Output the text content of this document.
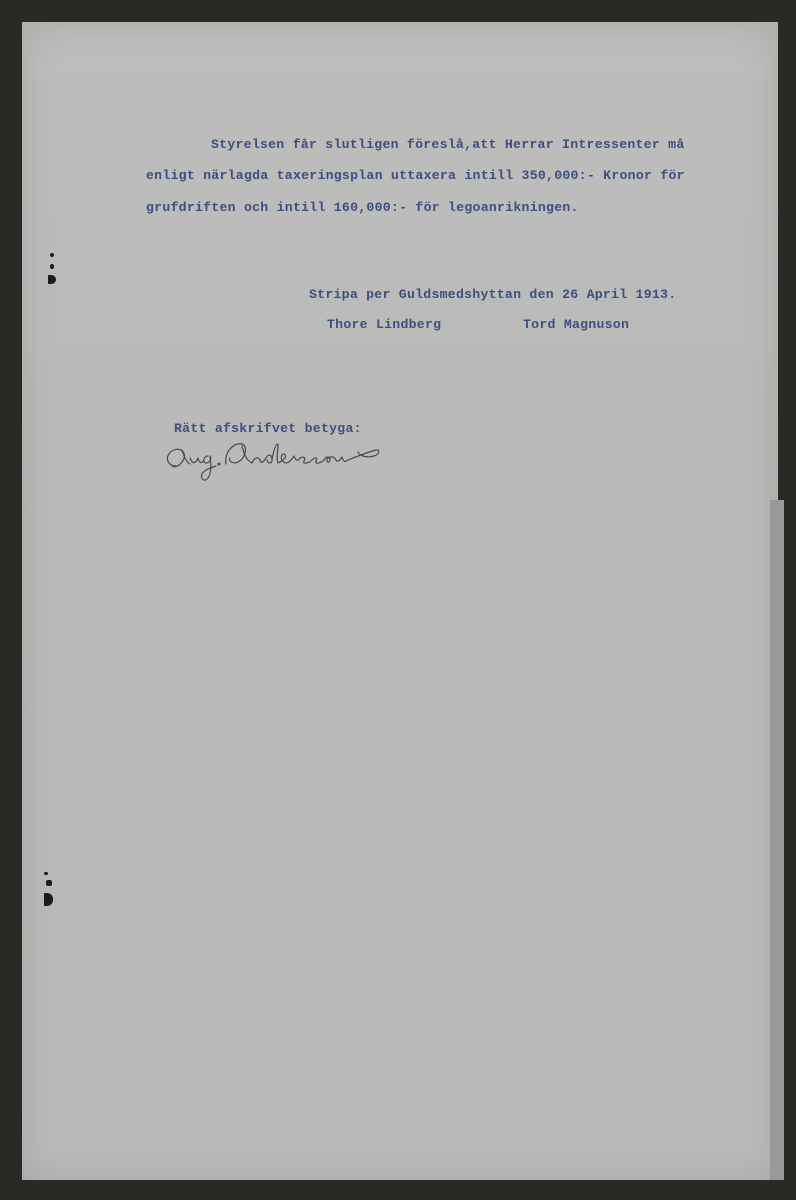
Styrelsen får slutligen föreslå,att Herrar Intressenter må

enligt närlagda taxeringsplan uttaxera intill 350,000:- Kronor för

grufdriften och intill 160,000:- för legoanrikningen.

Stripa per Guldsmedshyttan den 26 April 1913.

Thore Lindberg	Tord Magnuson

Rätt afskrifvet betyga:
